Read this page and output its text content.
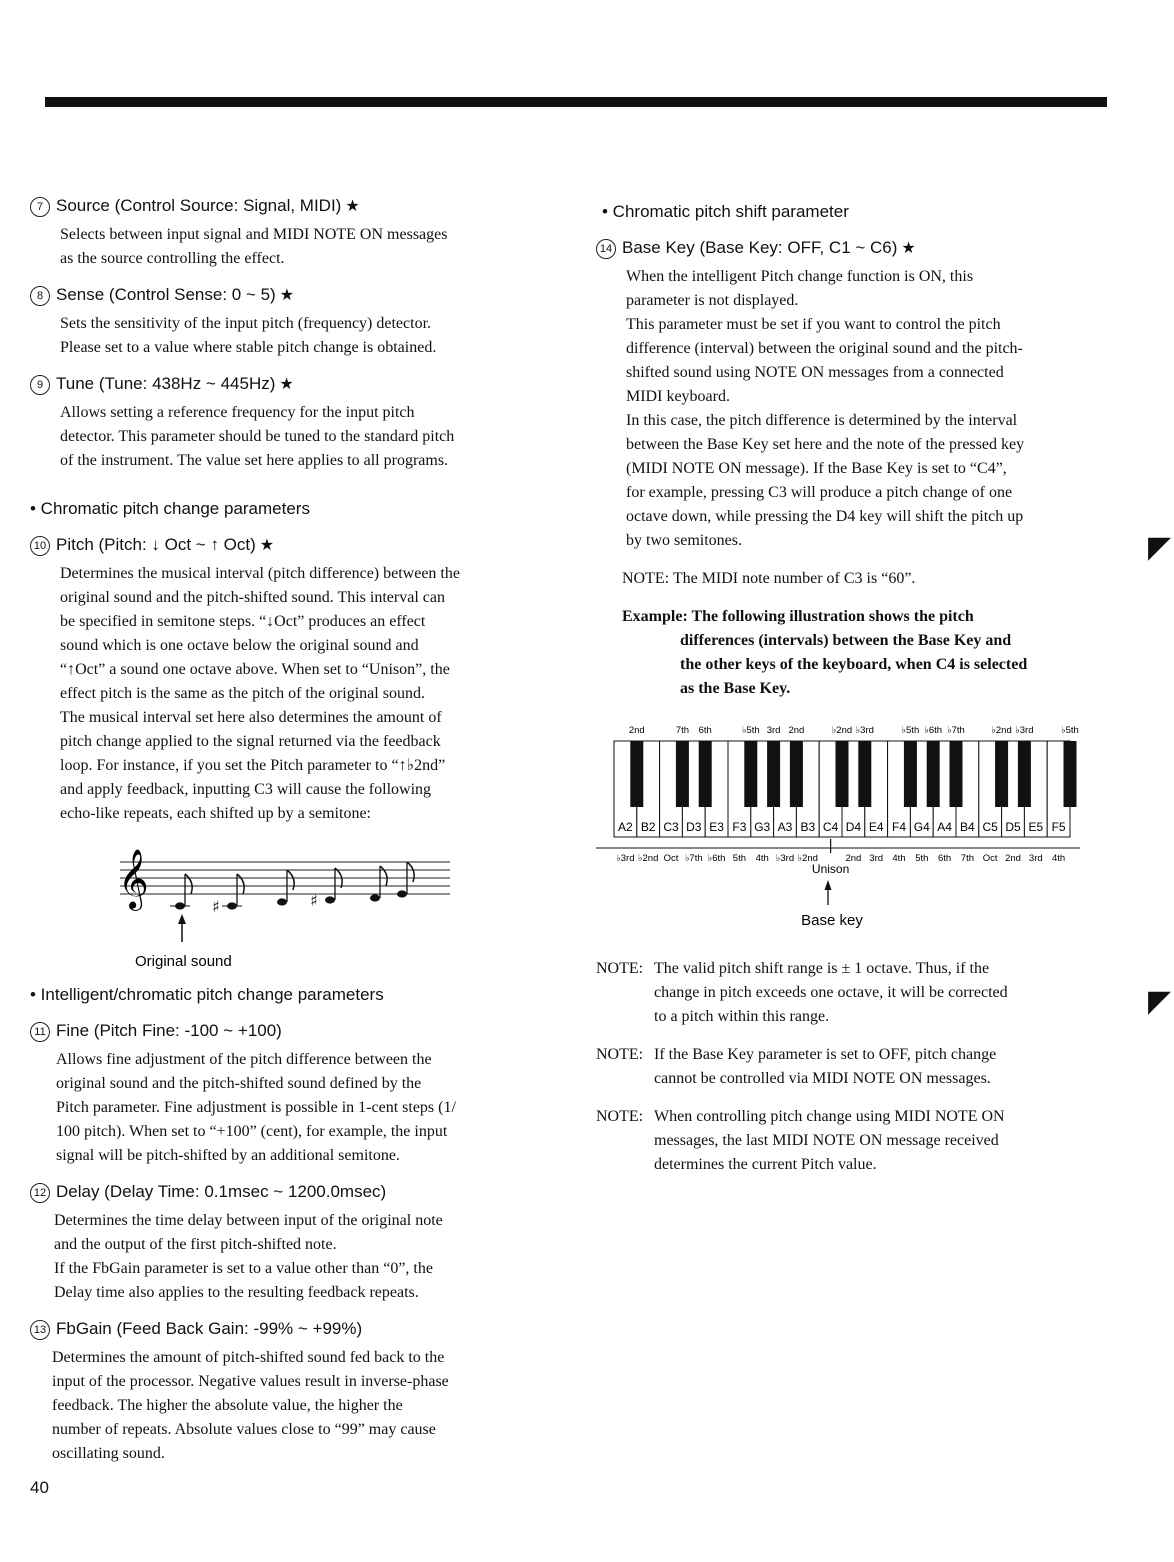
7 Source (Control Source: Signal, MIDI) ★

Selects between input signal and MIDI NOTE ON messages

as the source controlling the effect.

8 Sense (Control Sense: 0 ~ 5) ★

Sets the sensitivity of the input pitch (frequency) detector.

Please set to a value where stable pitch change is obtained.

9 Tune (Tune: 438Hz ~ 445Hz) ★

Allows setting a reference frequency for the input pitch

detector. This parameter should be tuned to the standard pitch

of the instrument. The value set here applies to all programs.

• Chromatic pitch change parameters
10 Pitch (Pitch: ↓ Oct ~ ↑ Oct) ★

Determines the musical interval (pitch difference) between the

original sound and the pitch-shifted sound. This interval can

be specified in semitone steps. “↓Oct” produces an effect

sound which is one octave below the original sound and

“↑Oct” a sound one octave above. When set to “Unison”, the

effect pitch is the same as the pitch of the original sound.

The musical interval set here also determines the amount of

pitch change applied to the signal returned via the feedback

loop. For instance, if you set the Pitch parameter to “↑♭2nd”

and apply feedback, inputting C3 will cause the following

echo-like repeats, each shifted up by a semitone:

𝄞	♯	♯
Original sound
• Intelligent/chromatic pitch change parameters
11 Fine (Pitch Fine: -100 ~ +100)

Allows fine adjustment of the pitch difference between the

original sound and the pitch-shifted sound defined by the

Pitch parameter. Fine adjustment is possible in 1-cent steps (1/

100 pitch). When set to “+100” (cent), for example, the input

signal will be pitch-shifted by an additional semitone.

12 Delay (Delay Time: 0.1msec ~ 1200.0msec)

Determines the time delay between input of the original note

and the output of the first pitch-shifted note.

If the FbGain parameter is set to a value other than “0”, the

Delay time also applies to the resulting feedback repeats.

13 FbGain (Feed Back Gain: -99% ~ +99%)

Determines the amount of pitch-shifted sound fed back to the

input of the processor. Negative values result in inverse-phase

feedback. The higher the absolute value, the higher the

number of repeats. Absolute values close to “99” may cause

oscillating sound.

• Chromatic pitch shift parameter
14 Base Key (Base Key: OFF, C1 ~ C6) ★

When the intelligent Pitch change function is ON, this

parameter is not displayed.

This parameter must be set if you want to control the pitch

difference (interval) between the original sound and the pitch-

shifted sound using NOTE ON messages from a connected

MIDI keyboard.

In this case, the pitch difference is determined by the interval

between the Base Key set here and the note of the pressed key

(MIDI NOTE ON message). If the Base Key is set to “C4”,

for example, pressing C3 will produce a pitch change of one

octave down, while pressing the D4 key will shift the pitch up

by two semitones.

NOTE: The MIDI note number of C3 is “60”.

Example: The following illustration shows the pitch
differences (intervals) between the Base Key and
the other keys of the keyboard, when C4 is selected
as the Base Key.
2nd	7th 6th	♭5th 3rd 2nd	♭2nd ♭3rd	♭5th ♭6th ♭7th	♭2nd ♭3rd	♭5th
A2 B2 C3 D3 E3 F3 G3 A3 B3 C4 D4 E4 F4 G4 A4 B4 C5 D5 E5 F5
♭3rd ♭2nd Oct ♭7th ♭6th 5th 4th ♭3rd ♭2nd	2nd 3rd 4th 5th 6th 7th Oct 2nd 3rd 4th
Unison
Base key

NOTE: The valid pitch shift range is ± 1 octave. Thus, if the
change in pitch exceeds one octave, it will be corrected
to a pitch within this range.

NOTE: If the Base Key parameter is set to OFF, pitch change
cannot be controlled via MIDI NOTE ON messages.

NOTE: When controlling pitch change using MIDI NOTE ON
messages, the last MIDI NOTE ON message received
determines the current Pitch value.

◤
◤
40
